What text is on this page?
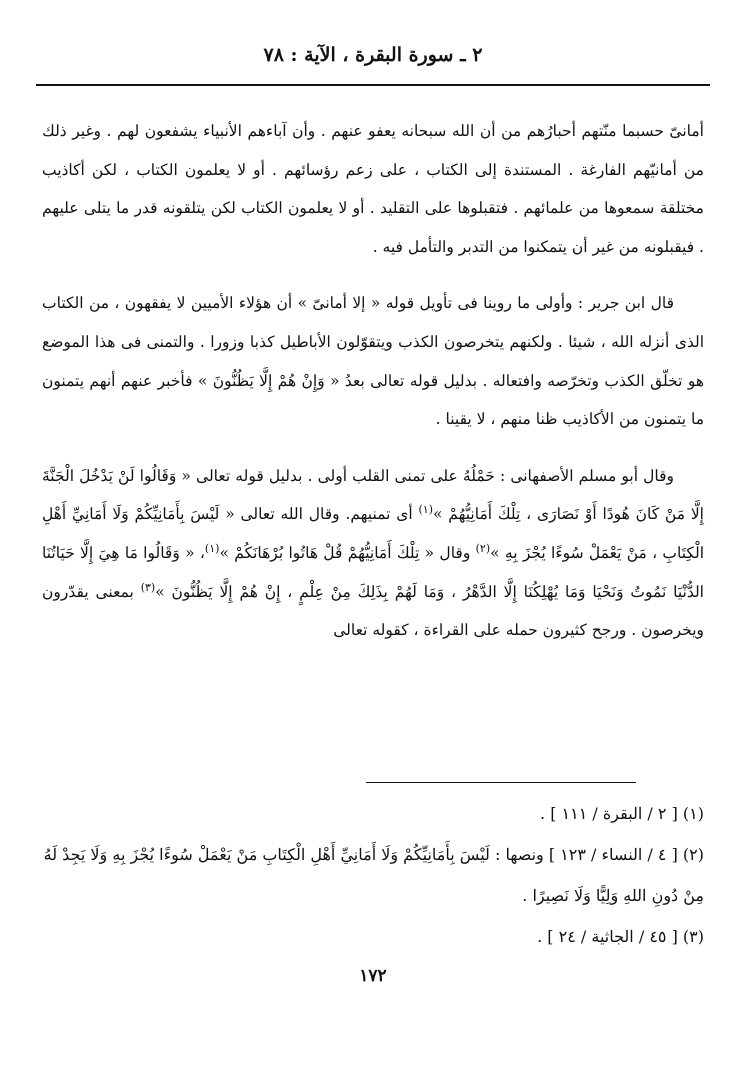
٢ ـ سورة البقرة ، الآية : ٧٨

أمانىّ حسبما منّتهم أحبارُهم من أن الله سبحانه يعفو عنهم . وأن آباءهم الأنبياء يشفعون لهم . وغير ذلك من أمانيّهم الفارغة . المستندة إلى الكتاب ، على زعم رؤسائهم . أو لا يعلمون الكتاب ، لكن أكاذيب مختلقة سمعوها من علمائهم . فتقبلوها على التقليد . أو لا يعلمون الكتاب لكن يتلقونه قدر ما يتلى عليهم . فيقبلونه من غير أن يتمكنوا من التدبر والتأمل فيه .

قال ابن جرير : وأولى ما روينا فى تأويل قوله « إلا أمانىّ » أن هؤلاء الأميين لا يفقهون ، من الكتاب الذى أنزله الله ، شيئا . ولكنهم يتخرصون الكذب ويتقوّلون الأباطيل كذبا وزورا . والتمنى فى هذا الموضع هو تخلّق الكذب وتخرّصه وافتعاله . بدليل قوله تعالى بعدُ « وَإِنْ هُمْ إِلَّا يَظُنُّونَ » فأخبر عنهم أنهم يتمنون ما يتمنون من الأكاذيب ظنا منهم ، لا يقينا .

وقال أبو مسلم الأصفهانى : حَمْلُهُ على تمنى القلب أولى . بدليل قوله تعالى « وَقَالُوا لَنْ يَدْخُلَ الْجَنَّةَ إِلَّا مَنْ كَانَ هُودًا أَوْ نَصَارَى ، تِلْكَ أَمَانِيُّهُمْ »$^{(١)}$ أى تمنيهم. وقال الله تعالى « لَيْسَ بِأَمَانِيِّكُمْ وَلَا أَمَانِيِّ أَهْلِ الْكِتَابِ ، مَنْ يَعْمَلْ سُوءًا يُجْزَ بِهِ »$^{(٢)}$ وقال « تِلْكَ أَمَانِيُّهُمْ قُلْ هَاتُوا بُرْهَانَكُمْ »$^{(١)}$، « وَقَالُوا مَا هِيَ إِلَّا حَيَاتُنَا الدُّنْيَا نَمُوتُ وَنَحْيَا وَمَا يُهْلِكُنَا إِلَّا الدَّهْرُ ، وَمَا لَهُمْ بِذَلِكَ مِنْ عِلْمٍ ، إِنْ هُمْ إِلَّا يَظُنُّونَ »$^{(٣)}$ بمعنى يقدّرون ويخرصون . ورجح كثيرون حمله على القراءة ، كقوله تعالى

(١) [ ٢ / البقرة / ١١١ ] .

(٢) [ ٤ / النساء / ١٢٣ ] ونصها : لَيْسَ بِأَمَانِيِّكُمْ وَلَا أَمَانِيِّ أَهْلِ الْكِتَابِ مَنْ يَعْمَلْ سُوءًا يُجْزَ بِهِ وَلَا يَجِدْ لَهُ مِنْ دُونِ اللهِ وَلِيًّا وَلَا نَصِيرًا .

(٣) [ ٤٥ / الجاثية / ٢٤ ] .

١٧٢
